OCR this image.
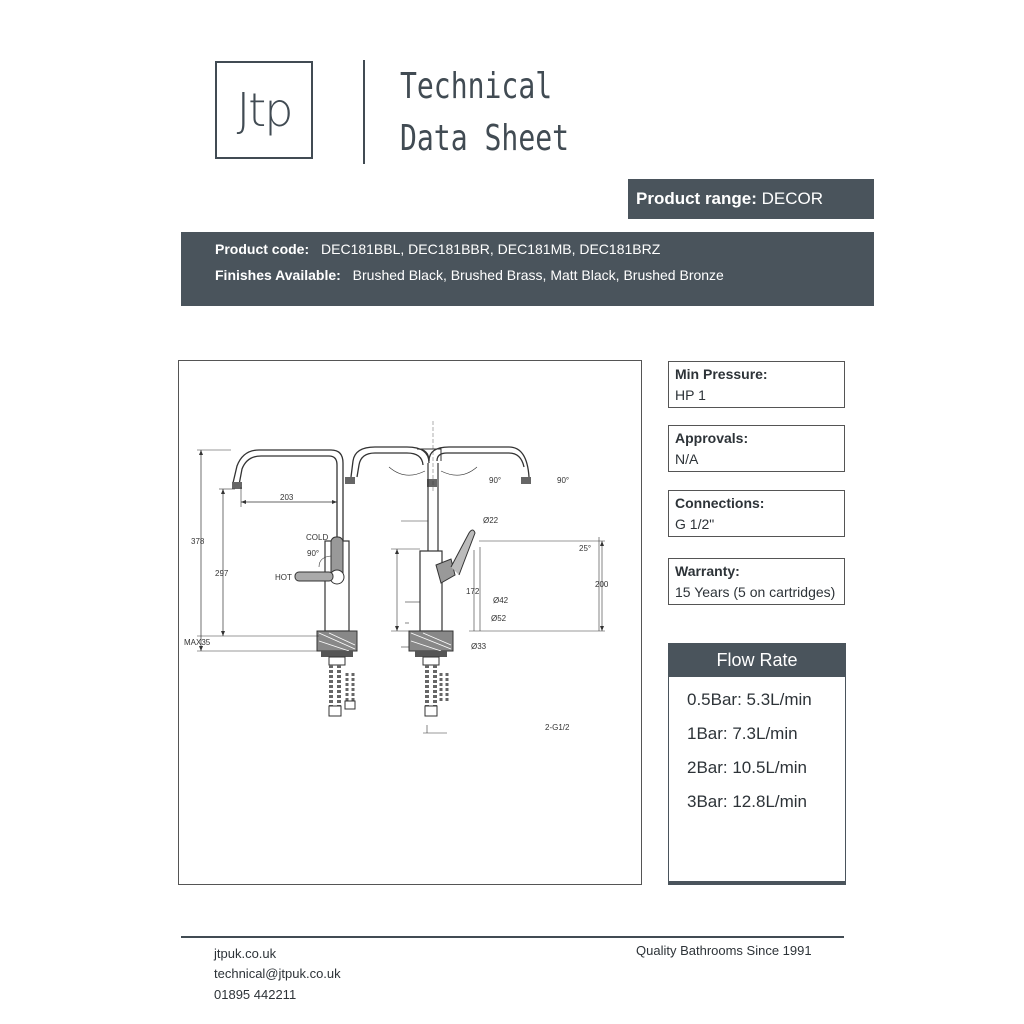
Jtp	Technical
Data Sheet
Product range: DECOR
Product code: DEC181BBL, DEC181BBR, DEC181MB, DEC181BRZ
Finishes Available: Brushed Black, Brushed Brass, Matt Black, Brushed Bronze
378
297
203
MAX35
COLD
HOT
90°
90°	90°
Ø22
25°
172
200
Ø42
Ø52
Ø33
2-G1/2
Min Pressure:
HP 1
Approvals:
N/A
Connections:
G 1/2"
Warranty:
15 Years (5 on cartridges)
Flow Rate
0.5Bar: 5.3L/min
1Bar: 7.3L/min
2Bar: 10.5L/min
3Bar: 12.8L/min
jtpuk.co.uk
technical@jtpuk.co.uk
01895 442211
Quality Bathrooms Since 1991
